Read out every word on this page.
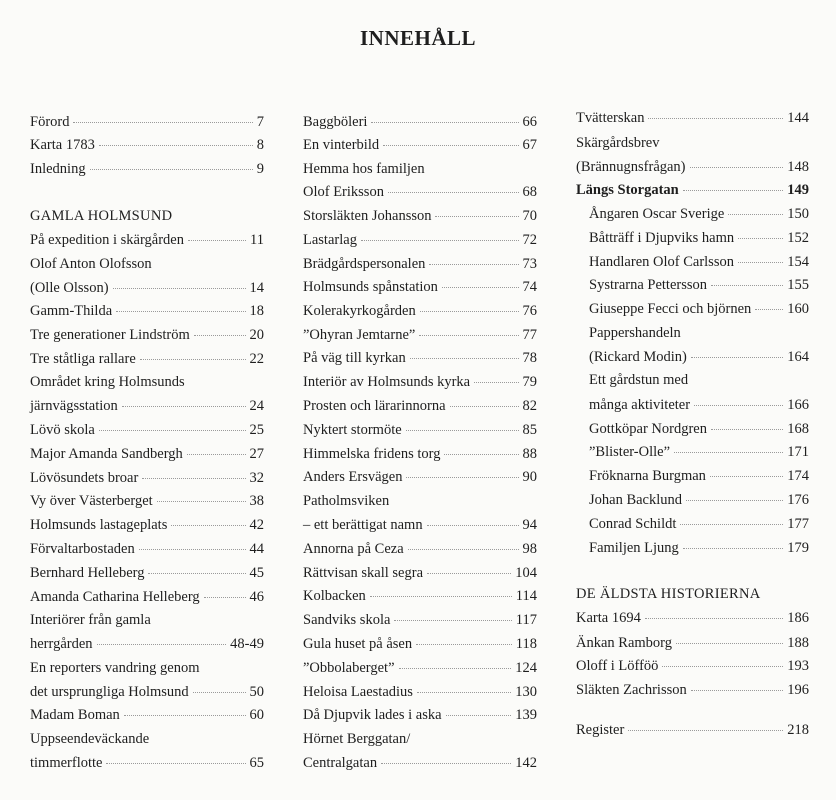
INNEHÅLL
Förord	7
Karta 1783	8
Inledning	9
GAMLA HOLMSUND
På expedition i skärgården	11
Olof Anton Olofsson
(Olle Olsson)	14
Gamm-Thilda	18
Tre generationer Lindström	20
Tre ståtliga rallare	22
Området kring Holmsunds
järnvägsstation	24
Lövö skola	25
Major Amanda Sandbergh	27
Lövösundets broar	32
Vy över Västerberget	38
Holmsunds lastageplats	42
Förvaltarbostaden	44
Bernhard Helleberg	45
Amanda Catharina Helleberg	46
Interiörer från gamla
herrgården	48-49
En reporters vandring genom
det ursprungliga Holmsund	50
Madam Boman	60
Uppseendeväckande
timmerflotte	65
Baggböleri	66
En vinterbild	67
Hemma hos familjen
Olof Eriksson	68
Storsläkten Johansson	70
Lastarlag	72
Brädgårdspersonalen	73
Holmsunds spånstation	74
Kolerakyrkogården	76
”Ohyran Jemtarne”	77
På väg till kyrkan	78
Interiör av Holmsunds kyrka	79
Prosten och lärarinnorna	82
Nyktert stormöte	85
Himmelska fridens torg	88
Anders Ersvägen	90
Patholmsviken
– ett berättigat namn	94
Annorna på Ceza	98
Rättvisan skall segra	104
Kolbacken	114
Sandviks skola	117
Gula huset på åsen	118
”Obbolaberget”	124
Heloisa Laestadius	130
Då Djupvik lades i aska	139
Hörnet Berggatan/
Centralgatan	142
Tvätterskan	144
Skärgårdsbrev
(Brännugnsfrågan)	148
Längs Storgatan	149
Ångaren Oscar Sverige	150
Båtträff i Djupviks hamn	152
Handlaren Olof Carlsson	154
Systrarna Pettersson	155
Giuseppe Fecci och björnen 160
Pappershandeln
(Rickard Modin)	164
Ett gårdstun med
många aktiviteter	166
Gottköpar Nordgren	168
”Blister-Olle”	171
Fröknarna Burgman	174
Johan Backlund	176
Conrad Schildt	177
Familjen Ljung	179
DE ÄLDSTA HISTORIERNA
Karta 1694	186
Änkan Ramborg	188
Oloff i Löfföö	193
Släkten Zachrisson	196
Register	218
